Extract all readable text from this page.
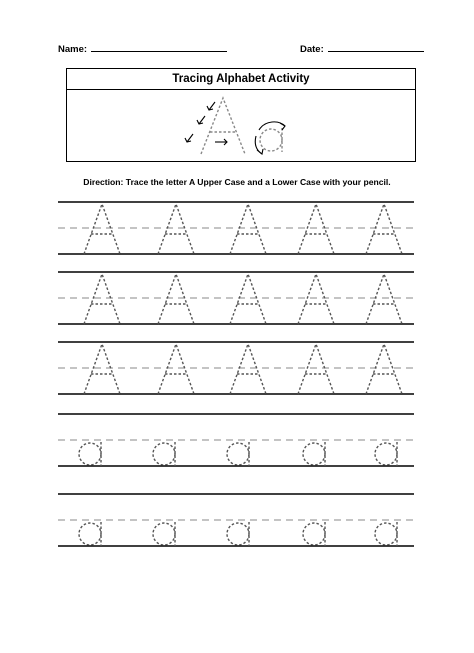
Name:	Date:
Tracing Alphabet Activity
Direction: Trace the letter A Upper Case and a Lower Case with your pencil.
